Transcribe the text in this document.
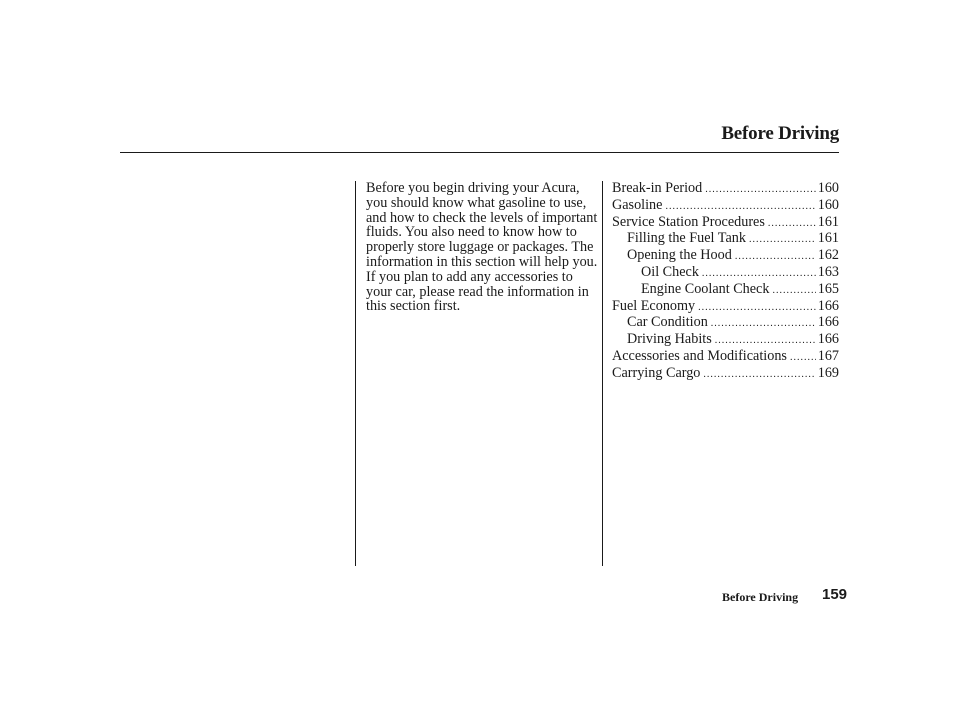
Before Driving

Before you begin driving your Acura, you should know what gasoline to use, and how to check the levels of important fluids. You also need to know how to properly store luggage or packages. The information in this section will help you. If you plan to add any accessories to your car, please read the information in this section first.

Break-in Period .....	160
Gasoline .....	160
Service Station Procedures .....	161
Filling the Fuel Tank .....	161
Opening the Hood .....	162
Oil Check .....	163
Engine Coolant Check .....	165
Fuel Economy .....	166
Car Condition .....	166
Driving Habits .....	166
Accessories and Modifications ..... 167
Carrying Cargo .....	169
Before Driving 159
